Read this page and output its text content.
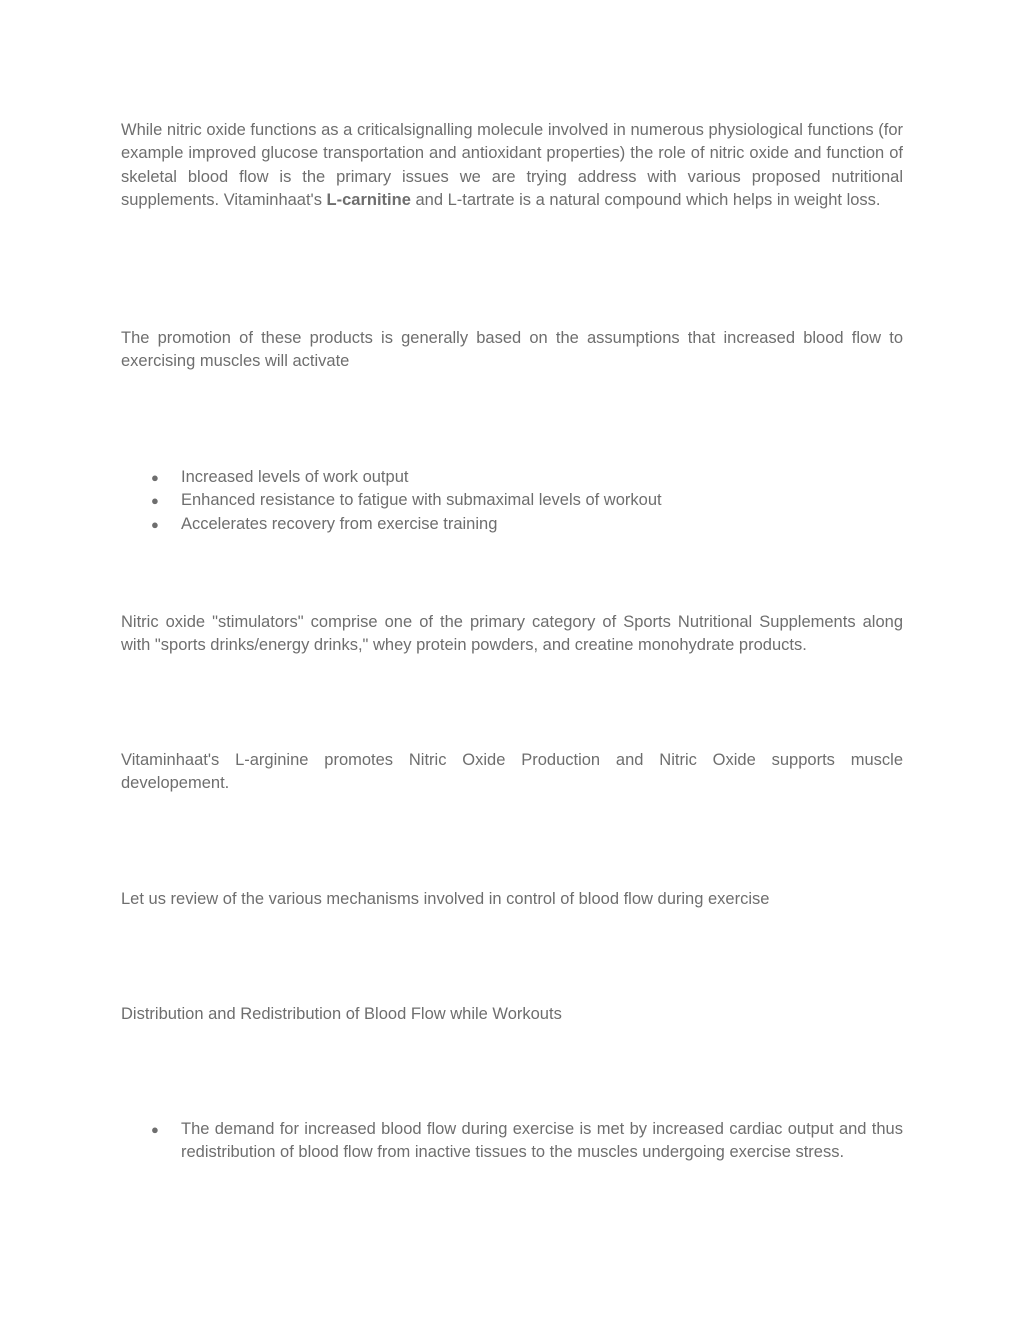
While nitric oxide functions as a criticalsignalling molecule involved in numerous physiological functions (for example improved glucose transportation and antioxidant properties) the role of nitric oxide and function of skeletal blood flow is the primary issues we are trying address with various proposed nutritional supplements. Vitaminhaat's L-carnitine and L-tartrate is a natural compound which helps in weight loss.

The promotion of these products is generally based on the assumptions that increased blood flow to exercising muscles will activate

● Increased levels of work output
● Enhanced resistance to fatigue with submaximal levels of workout
● Accelerates recovery from exercise training

Nitric oxide "stimulators" comprise one of the primary category of Sports Nutritional Supplements along with "sports drinks/energy drinks," whey protein powders, and creatine monohydrate products.

Vitaminhaat's L-arginine promotes Nitric Oxide Production and Nitric Oxide supports muscle developement.

Let us review of the various mechanisms involved in control of blood flow during exercise

Distribution and Redistribution of Blood Flow while Workouts

● The demand for increased blood flow during exercise is met by increased cardiac output and thus redistribution of blood flow from inactive tissues to the muscles undergoing exercise stress.
